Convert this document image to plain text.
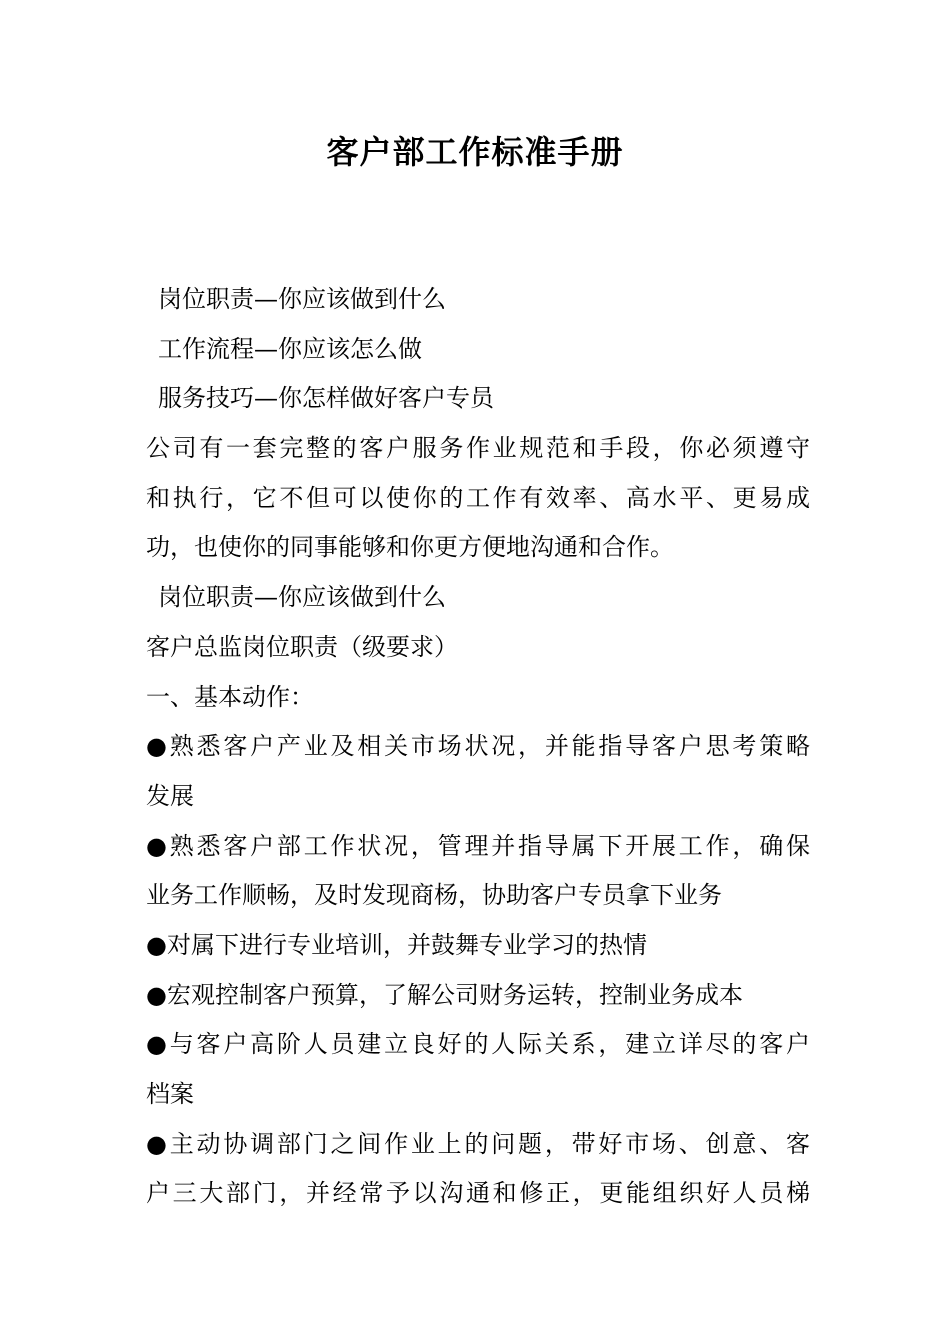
客户部工作标准手册
岗位职责—你应该做到什么
工作流程—你应该怎么做
服务技巧—你怎样做好客户专员
公司有一套完整的客户服务作业规范和手段，你必须遵守
和执行，它不但可以使你的工作有效率、高水平、更易成
功，也使你的同事能够和你更方便地沟通和合作。
岗位职责—你应该做到什么
客户总监岗位职责（级要求）
一、基本动作：
●熟悉客户产业及相关市场状况，并能指导客户思考策略
发展
●熟悉客户部工作状况，管理并指导属下开展工作，确保
业务工作顺畅，及时发现商杨，协助客户专员拿下业务
●对属下进行专业培训，并鼓舞专业学习的热情
●宏观控制客户预算，了解公司财务运转，控制业务成本
●与客户高阶人员建立良好的人际关系，建立详尽的客户
档案
●主动协调部门之间作业上的问题，带好市场、创意、客
户三大部门，并经常予以沟通和修正，更能组织好人员梯
